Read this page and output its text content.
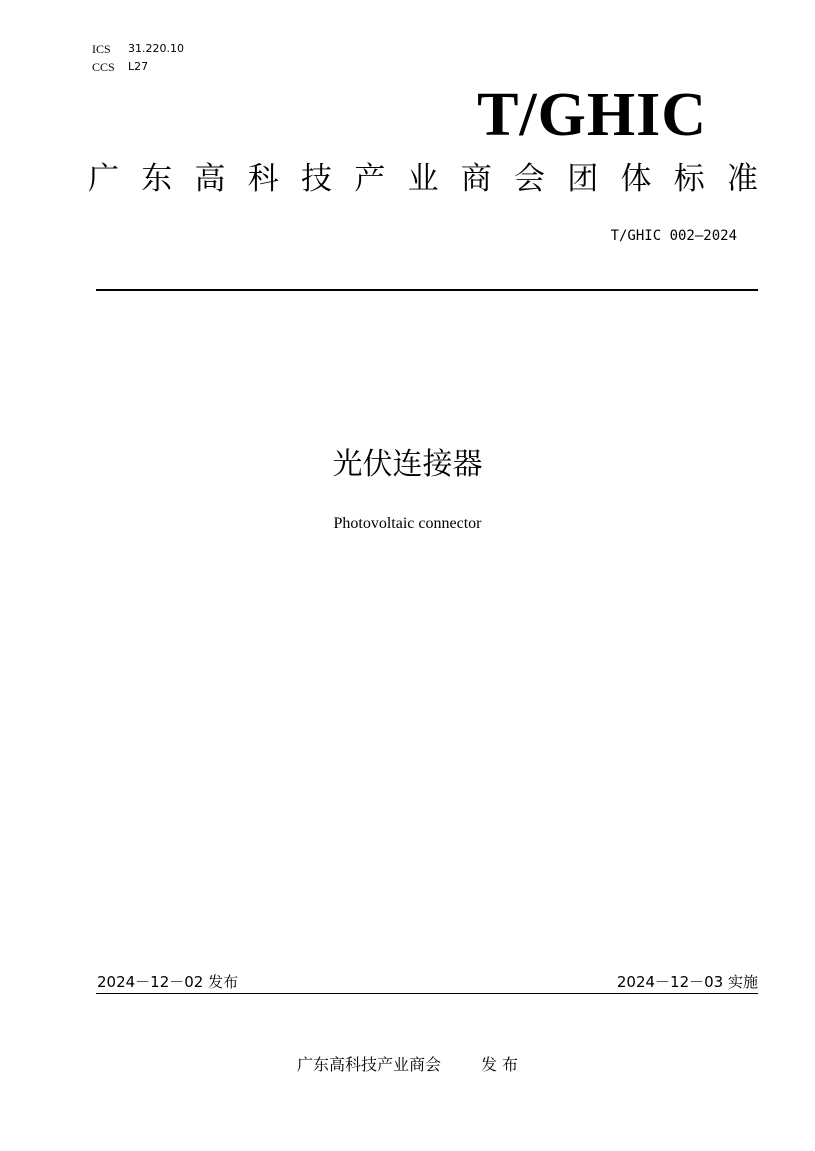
ICS	31.220.10
CCS	L27
T/GHIC
广 东 高 科 技 产 业 商 会 团 体 标 准
T/GHIC 002—2024
光伏连接器
Photovoltaic connector
2024－12－02 发布	2024－12－03 实施
广东高科技产业商会	发 布
